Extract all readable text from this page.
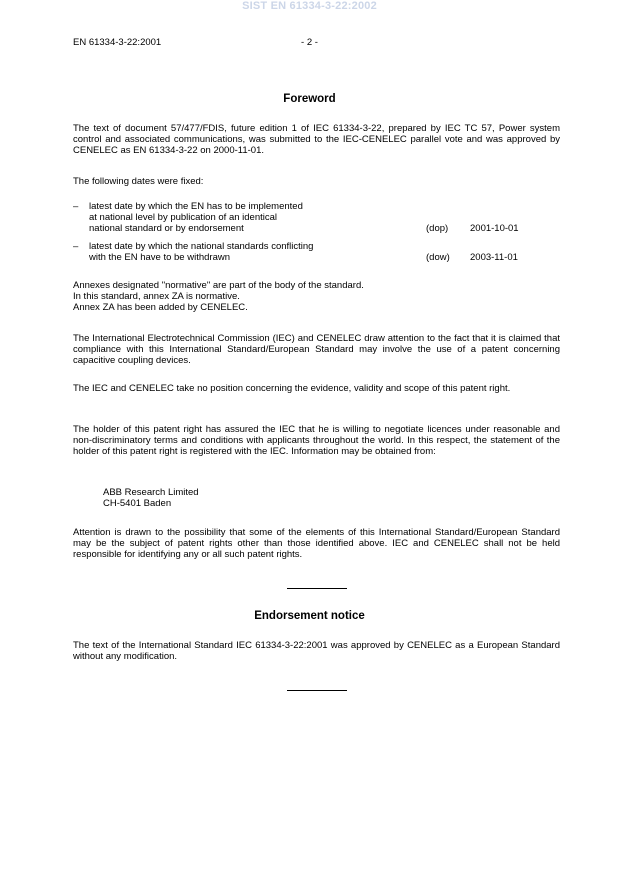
SIST EN 61334-3-22:2002
EN 61334-3-22:2001	- 2 -
Foreword
The text of document 57/477/FDIS, future edition 1 of IEC 61334-3-22, prepared by IEC TC 57, Power system control and associated communications, was submitted to the IEC-CENELEC parallel vote and was approved by CENELEC as EN 61334-3-22 on 2000-11-01.
The following dates were fixed:
– latest date by which the EN has to be implemented
at national level by publication of an identical
national standard or by endorsement	(dop) 2001-10-01
– latest date by which the national standards conflicting
with the EN have to be withdrawn	(dow) 2003-11-01
Annexes designated "normative" are part of the body of the standard.
In this standard, annex ZA is normative.
Annex ZA has been added by CENELEC.
The International Electrotechnical Commission (IEC) and CENELEC draw attention to the fact that it is claimed that compliance with this International Standard/European Standard may involve the use of a patent concerning capacitive coupling devices.
The IEC and CENELEC take no position concerning the evidence, validity and scope of this patent right.
The holder of this patent right has assured the IEC that he is willing to negotiate licences under reasonable and non-discriminatory terms and conditions with applicants throughout the world. In this respect, the statement of the holder of this patent right is registered with the IEC. Information may be obtained from:
ABB Research Limited
CH-5401 Baden
Attention is drawn to the possibility that some of the elements of this International Standard/European Standard may be the subject of patent rights other than those identified above. IEC and CENELEC shall not be held responsible for identifying any or all such patent rights.
Endorsement notice
The text of the International Standard IEC 61334-3-22:2001 was approved by CENELEC as a European Standard without any modification.
